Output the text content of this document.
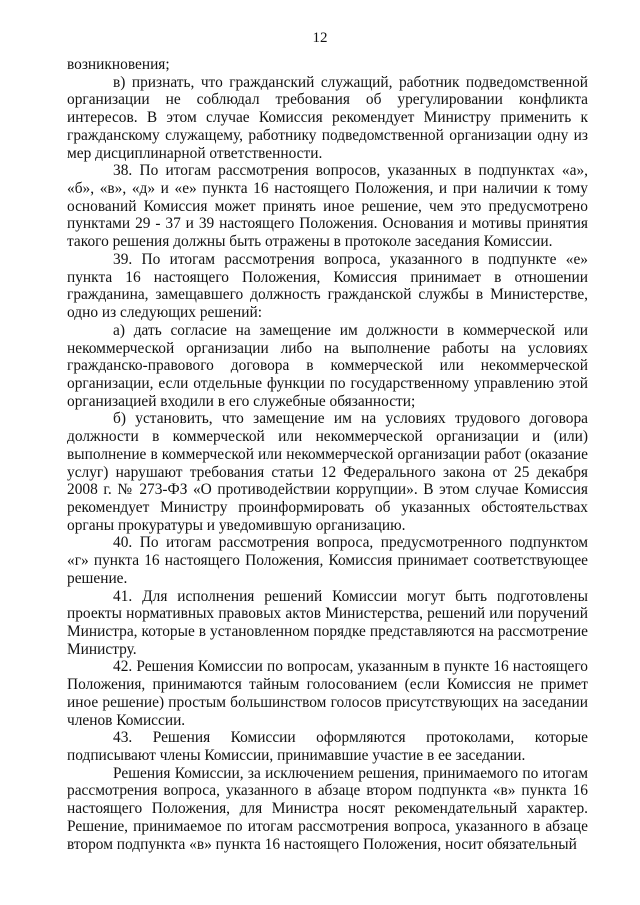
12

возникновения;

в) признать, что гражданский служащий, работник подведомственной организации не соблюдал требования об урегулировании конфликта интересов. В этом случае Комиссия рекомендует Министру применить к гражданскому служащему, работнику подведомственной организации одну из мер дисциплинарной ответственности.

38. По итогам рассмотрения вопросов, указанных в подпунктах «а», «б», «в», «д» и «е» пункта 16 настоящего Положения, и при наличии к тому оснований Комиссия может принять иное решение, чем это предусмотрено пунктами 29 - 37 и 39 настоящего Положения. Основания и мотивы принятия такого решения должны быть отражены в протоколе заседания Комиссии.

39. По итогам рассмотрения вопроса, указанного в подпункте «е» пункта 16 настоящего Положения, Комиссия принимает в отношении гражданина, замещавшего должность гражданской службы в Министерстве, одно из следующих решений:

а) дать согласие на замещение им должности в коммерческой или некоммерческой организации либо на выполнение работы на условиях гражданско-правового договора в коммерческой или некоммерческой организации, если отдельные функции по государственному управлению этой организацией входили в его служебные обязанности;

б) установить, что замещение им на условиях трудового договора должности в коммерческой или некоммерческой организации и (или) выполнение в коммерческой или некоммерческой организации работ (оказание услуг) нарушают требования статьи 12 Федерального закона от 25 декабря 2008 г. № 273-ФЗ «О противодействии коррупции». В этом случае Комиссия рекомендует Министру проинформировать об указанных обстоятельствах органы прокуратуры и уведомившую организацию.

40. По итогам рассмотрения вопроса, предусмотренного подпунктом «г» пункта 16 настоящего Положения, Комиссия принимает соответствующее решение.

41. Для исполнения решений Комиссии могут быть подготовлены проекты нормативных правовых актов Министерства, решений или поручений Министра, которые в установленном порядке представляются на рассмотрение Министру.

42. Решения Комиссии по вопросам, указанным в пункте 16 настоящего Положения, принимаются тайным голосованием (если Комиссия не примет иное решение) простым большинством голосов присутствующих на заседании членов Комиссии.

43. Решения Комиссии оформляются протоколами, которые подписывают члены Комиссии, принимавшие участие в ее заседании.

Решения Комиссии, за исключением решения, принимаемого по итогам рассмотрения вопроса, указанного в абзаце втором подпункта «в» пункта 16 настоящего Положения, для Министра носят рекомендательный характер. Решение, принимаемое по итогам рассмотрения вопроса, указанного в абзаце втором подпункта «в» пункта 16 настоящего Положения, носит обязательный
